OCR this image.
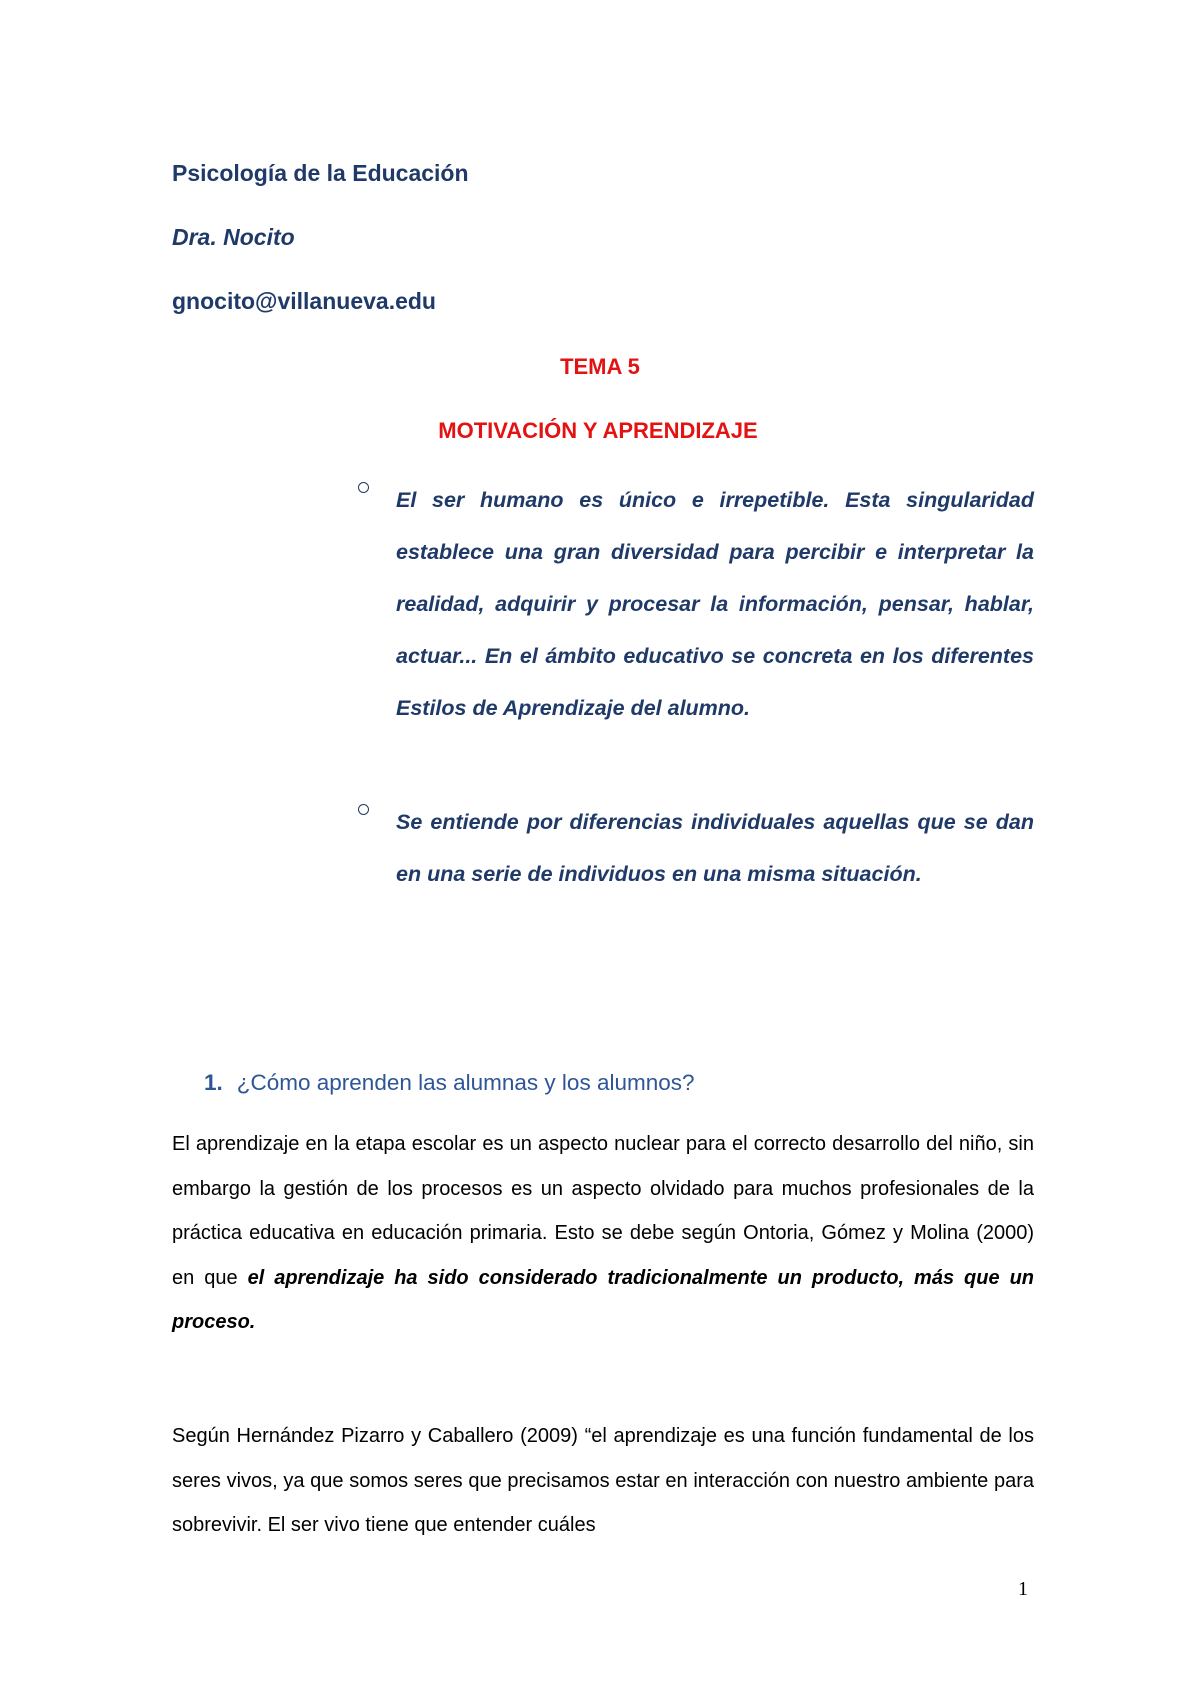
Psicología de la Educación
Dra. Nocito
gnocito@villanueva.edu
TEMA 5
MOTIVACIÓN Y APRENDIZAJE

El ser humano es único e irrepetible. Esta singularidad establece una gran diversidad para percibir e interpretar la realidad, adquirir y procesar la información, pensar, hablar, actuar... En el ámbito educativo se concreta en los diferentes Estilos de Aprendizaje del alumno.

Se entiende por diferencias individuales aquellas que se dan en una serie de individuos en una misma situación.

1. ¿Cómo aprenden las alumnas y los alumnos?

El aprendizaje en la etapa escolar es un aspecto nuclear para el correcto desarrollo del niño, sin embargo la gestión de los procesos es un aspecto olvidado para muchos profesionales de la práctica educativa en educación primaria. Esto se debe según Ontoria, Gómez y Molina (2000) en que el aprendizaje ha sido considerado tradicionalmente un producto, más que un proceso.

Según Hernández Pizarro y Caballero (2009) “el aprendizaje es una función fundamental de los seres vivos, ya que somos seres que precisamos estar en interacción con nuestro ambiente para sobrevivir. El ser vivo tiene que entender cuáles

1
